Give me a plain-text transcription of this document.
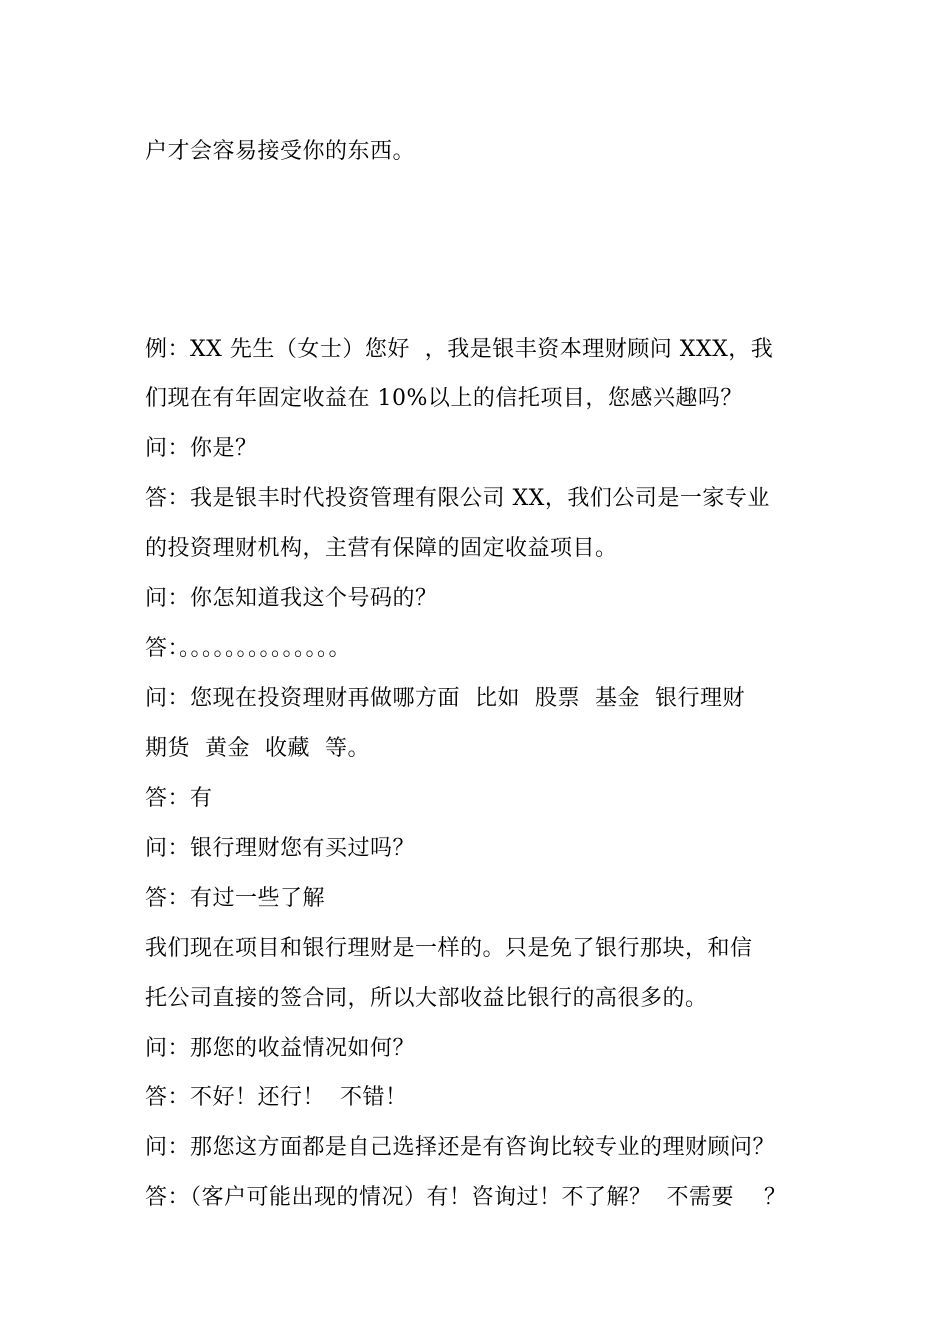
户才会容易接受你的东西。
例：XX 先生（女士）您好  ，我是银丰资本理财顾问 XXX，我
们现在有年固定收益在 10%以上的信托项目，您感兴趣吗？
问：你是？
答：我是银丰时代投资管理有限公司 XX，我们公司是一家专业
的投资理财机构，主营有保障的固定收益项目。
问：你怎知道我这个号码的？
答：。。。。。。。。。。。。。。
问：您现在投资理财再做哪方面  比如  股票  基金  银行理财
期货  黄金  收藏  等。
答：有
问：银行理财您有买过吗？
答：有过一些了解
我们现在项目和银行理财是一样的。只是免了银行那块，和信
托公司直接的签合同，所以大部收益比银行的高很多的。
问：那您的收益情况如何？
答：不好！还行！  不错！
问：那您这方面都是自己选择还是有咨询比较专业的理财顾问？
答：（客户可能出现的情况）有！咨询过！不了解？  不需要    ？
